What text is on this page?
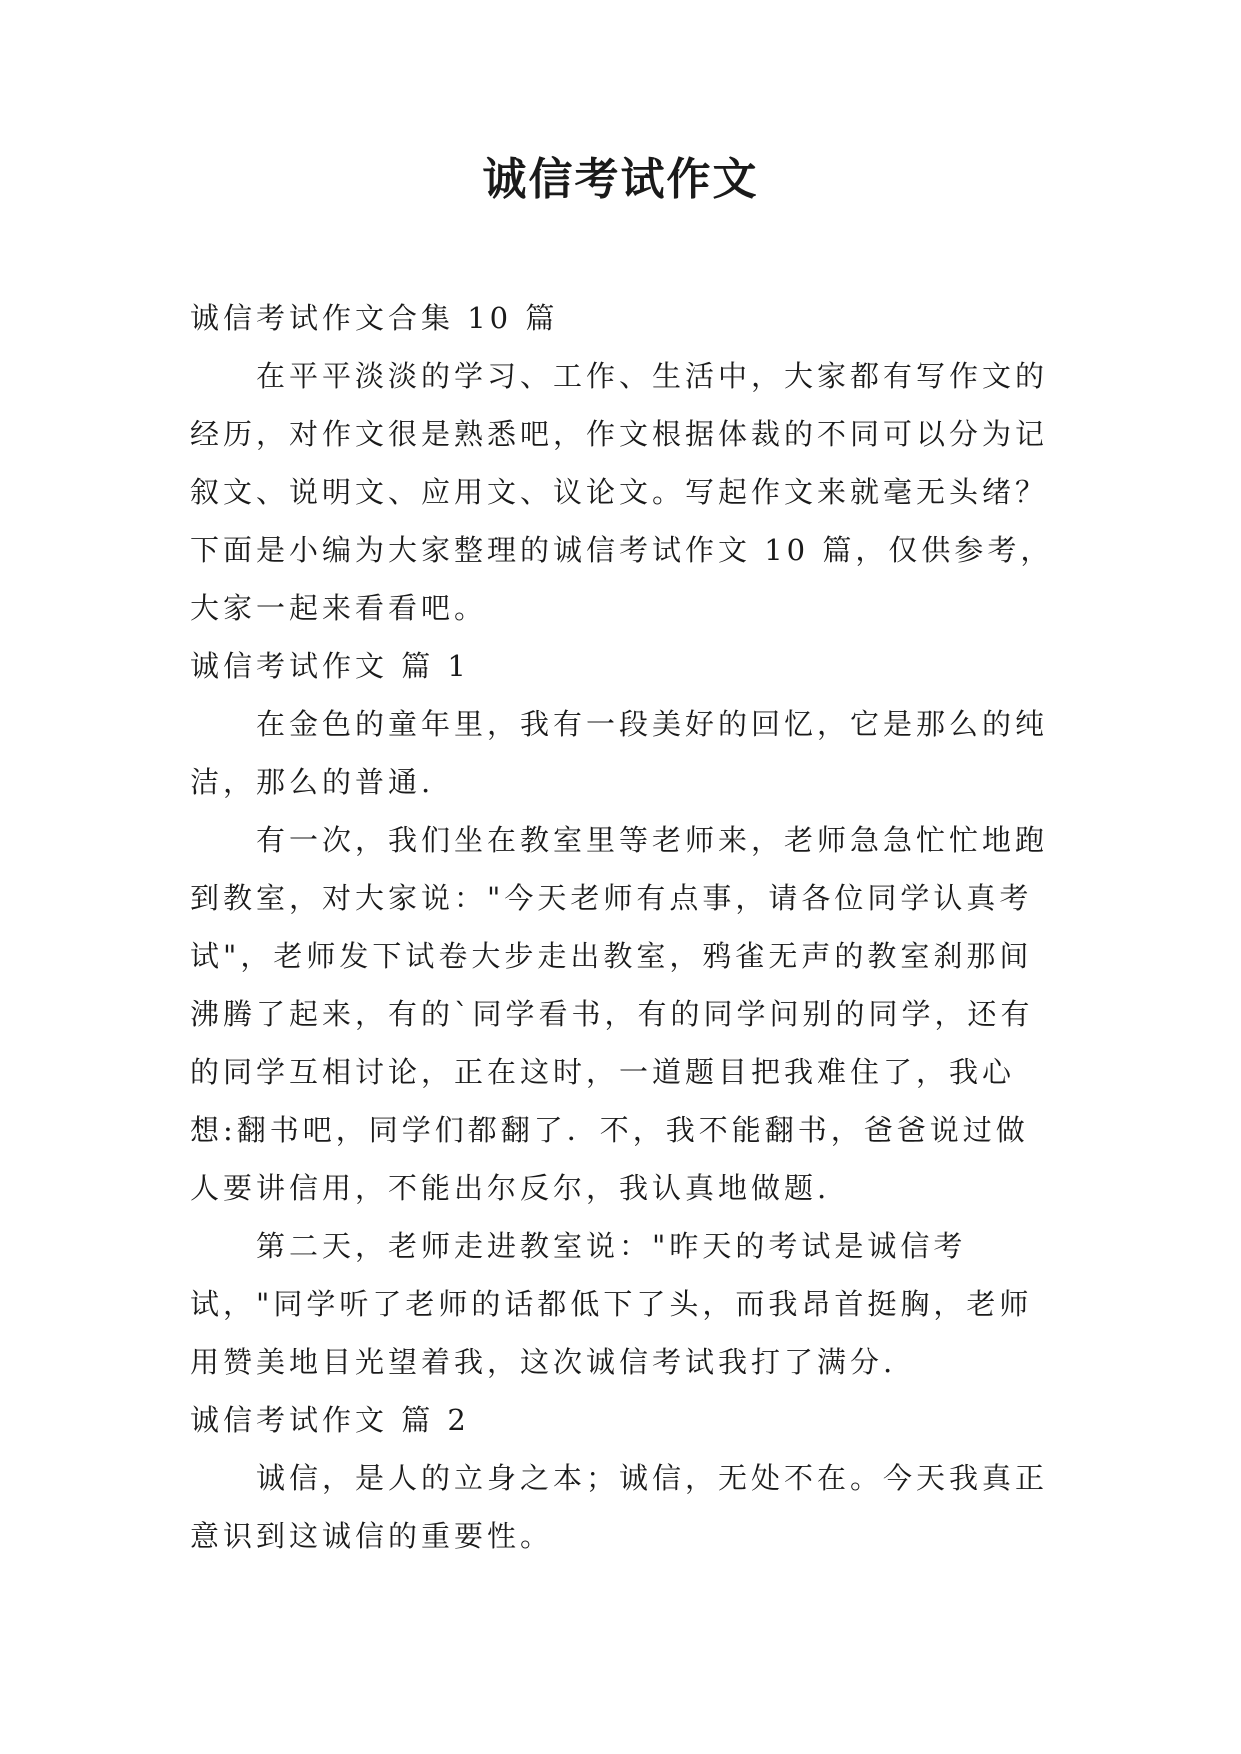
诚信考试作文

诚信考试作文合集 10 篇

在平平淡淡的学习、工作、生活中，大家都有写作文的经历，对作文很是熟悉吧，作文根据体裁的不同可以分为记叙文、说明文、应用文、议论文。写起作文来就毫无头绪？下面是小编为大家整理的诚信考试作文 10 篇，仅供参考，大家一起来看看吧。

诚信考试作文 篇 1

在金色的童年里，我有一段美好的回忆，它是那么的纯洁，那么的普通.

有一次，我们坐在教室里等老师来，老师急急忙忙地跑到教室，对大家说："今天老师有点事，请各位同学认真考试"，老师发下试卷大步走出教室，鸦雀无声的教室刹那间沸腾了起来，有的`同学看书，有的同学问别的同学，还有的同学互相讨论，正在这时，一道题目把我难住了，我心想:翻书吧，同学们都翻了．不，我不能翻书，爸爸说过做人要讲信用，不能出尔反尔，我认真地做题.

第二天，老师走进教室说："昨天的考试是诚信考试，"同学听了老师的话都低下了头，而我昂首挺胸，老师用赞美地目光望着我，这次诚信考试我打了满分.

诚信考试作文 篇 2

诚信，是人的立身之本；诚信，无处不在。今天我真正意识到这诚信的重要性。
